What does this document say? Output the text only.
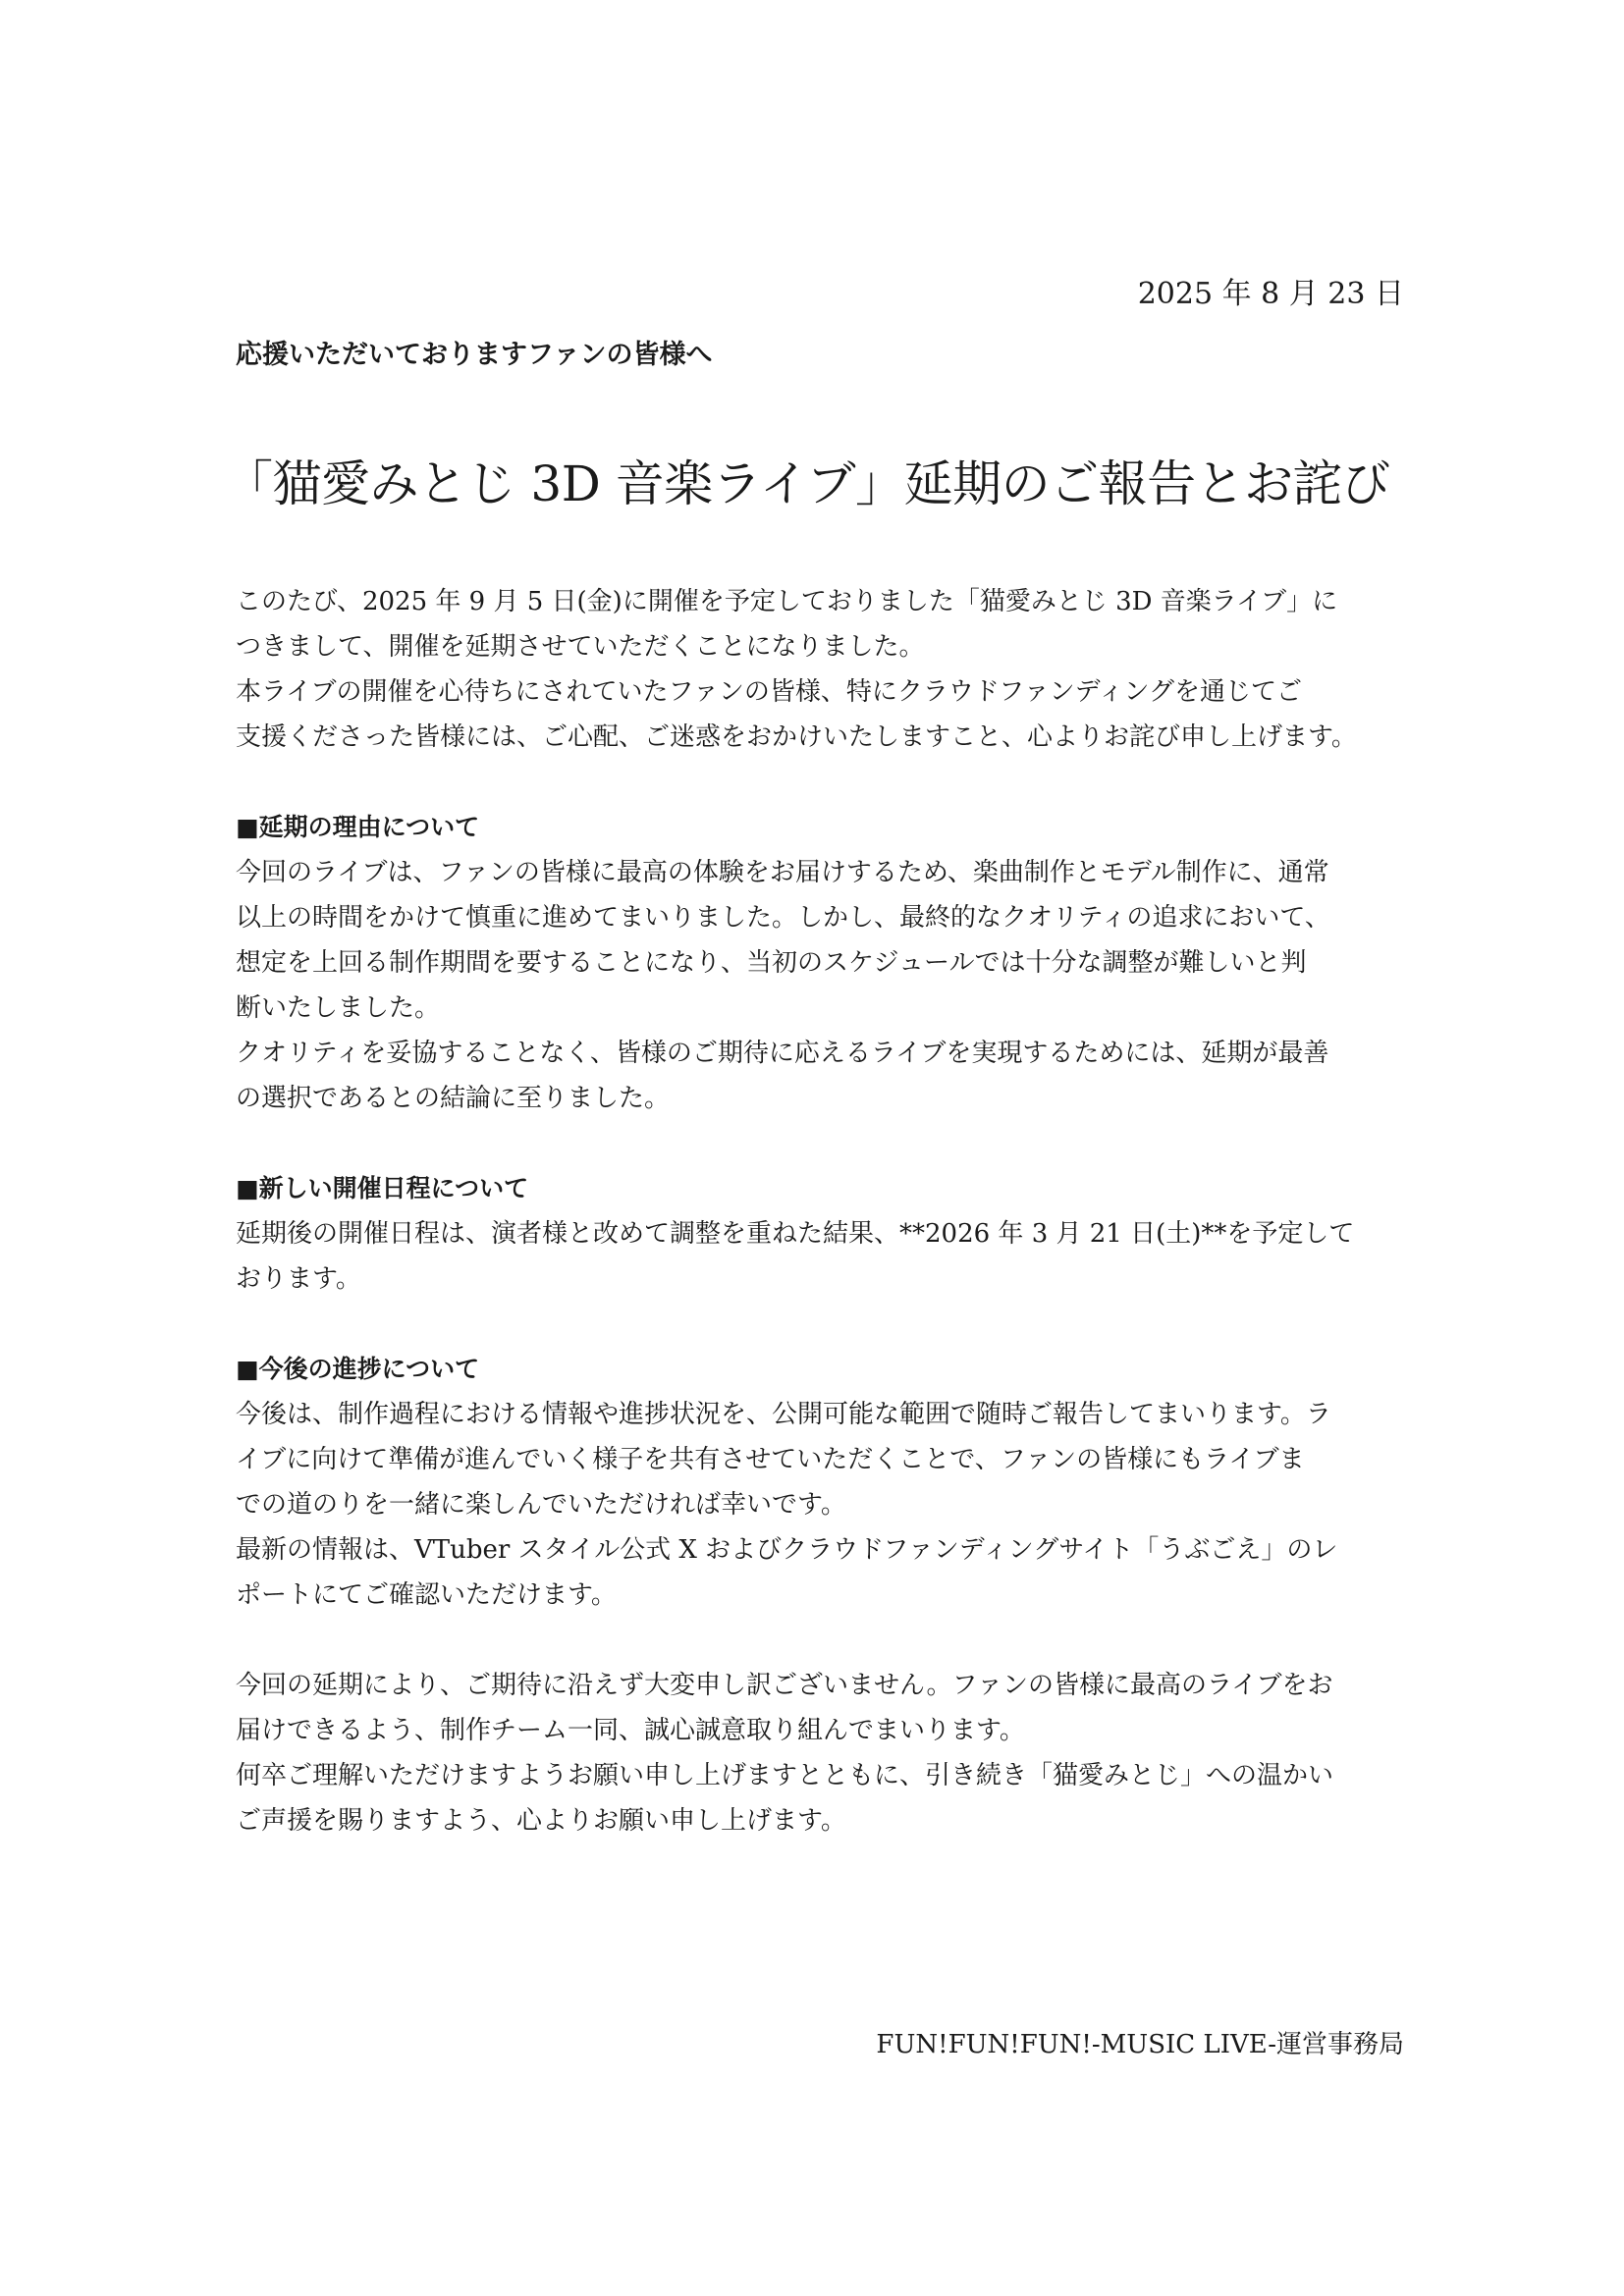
2025 年 8 月 23 日
応援いただいておりますファンの皆様へ
「猫愛みとじ 3D 音楽ライブ」延期のご報告とお詫び
このたび、2025 年 9 月 5 日(金)に開催を予定しておりました「猫愛みとじ 3D 音楽ライブ」に
つきまして、開催を延期させていただくことになりました。
本ライブの開催を心待ちにされていたファンの皆様、特にクラウドファンディングを通じてご
支援くださった皆様には、ご心配、ご迷惑をおかけいたしますこと、心よりお詫び申し上げます。
■延期の理由について
今回のライブは、ファンの皆様に最高の体験をお届けするため、楽曲制作とモデル制作に、通常
以上の時間をかけて慎重に進めてまいりました。しかし、最終的なクオリティの追求において、
想定を上回る制作期間を要することになり、当初のスケジュールでは十分な調整が難しいと判
断いたしました。
クオリティを妥協することなく、皆様のご期待に応えるライブを実現するためには、延期が最善
の選択であるとの結論に至りました。
■新しい開催日程について
延期後の開催日程は、演者様と改めて調整を重ねた結果、**2026 年 3 月 21 日(土)**を予定して
おります。
■今後の進捗について
今後は、制作過程における情報や進捗状況を、公開可能な範囲で随時ご報告してまいります。ラ
イブに向けて準備が進んでいく様子を共有させていただくことで、ファンの皆様にもライブま
での道のりを一緒に楽しんでいただければ幸いです。
最新の情報は、VTuber スタイル公式 X およびクラウドファンディングサイト「うぶごえ」のレ
ポートにてご確認いただけます。
今回の延期により、ご期待に沿えず大変申し訳ございません。ファンの皆様に最高のライブをお
届けできるよう、制作チーム一同、誠心誠意取り組んでまいります。
何卒ご理解いただけますようお願い申し上げますとともに、引き続き「猫愛みとじ」への温かい
ご声援を賜りますよう、心よりお願い申し上げます。
FUN!FUN!FUN!-MUSIC LIVE-運営事務局
